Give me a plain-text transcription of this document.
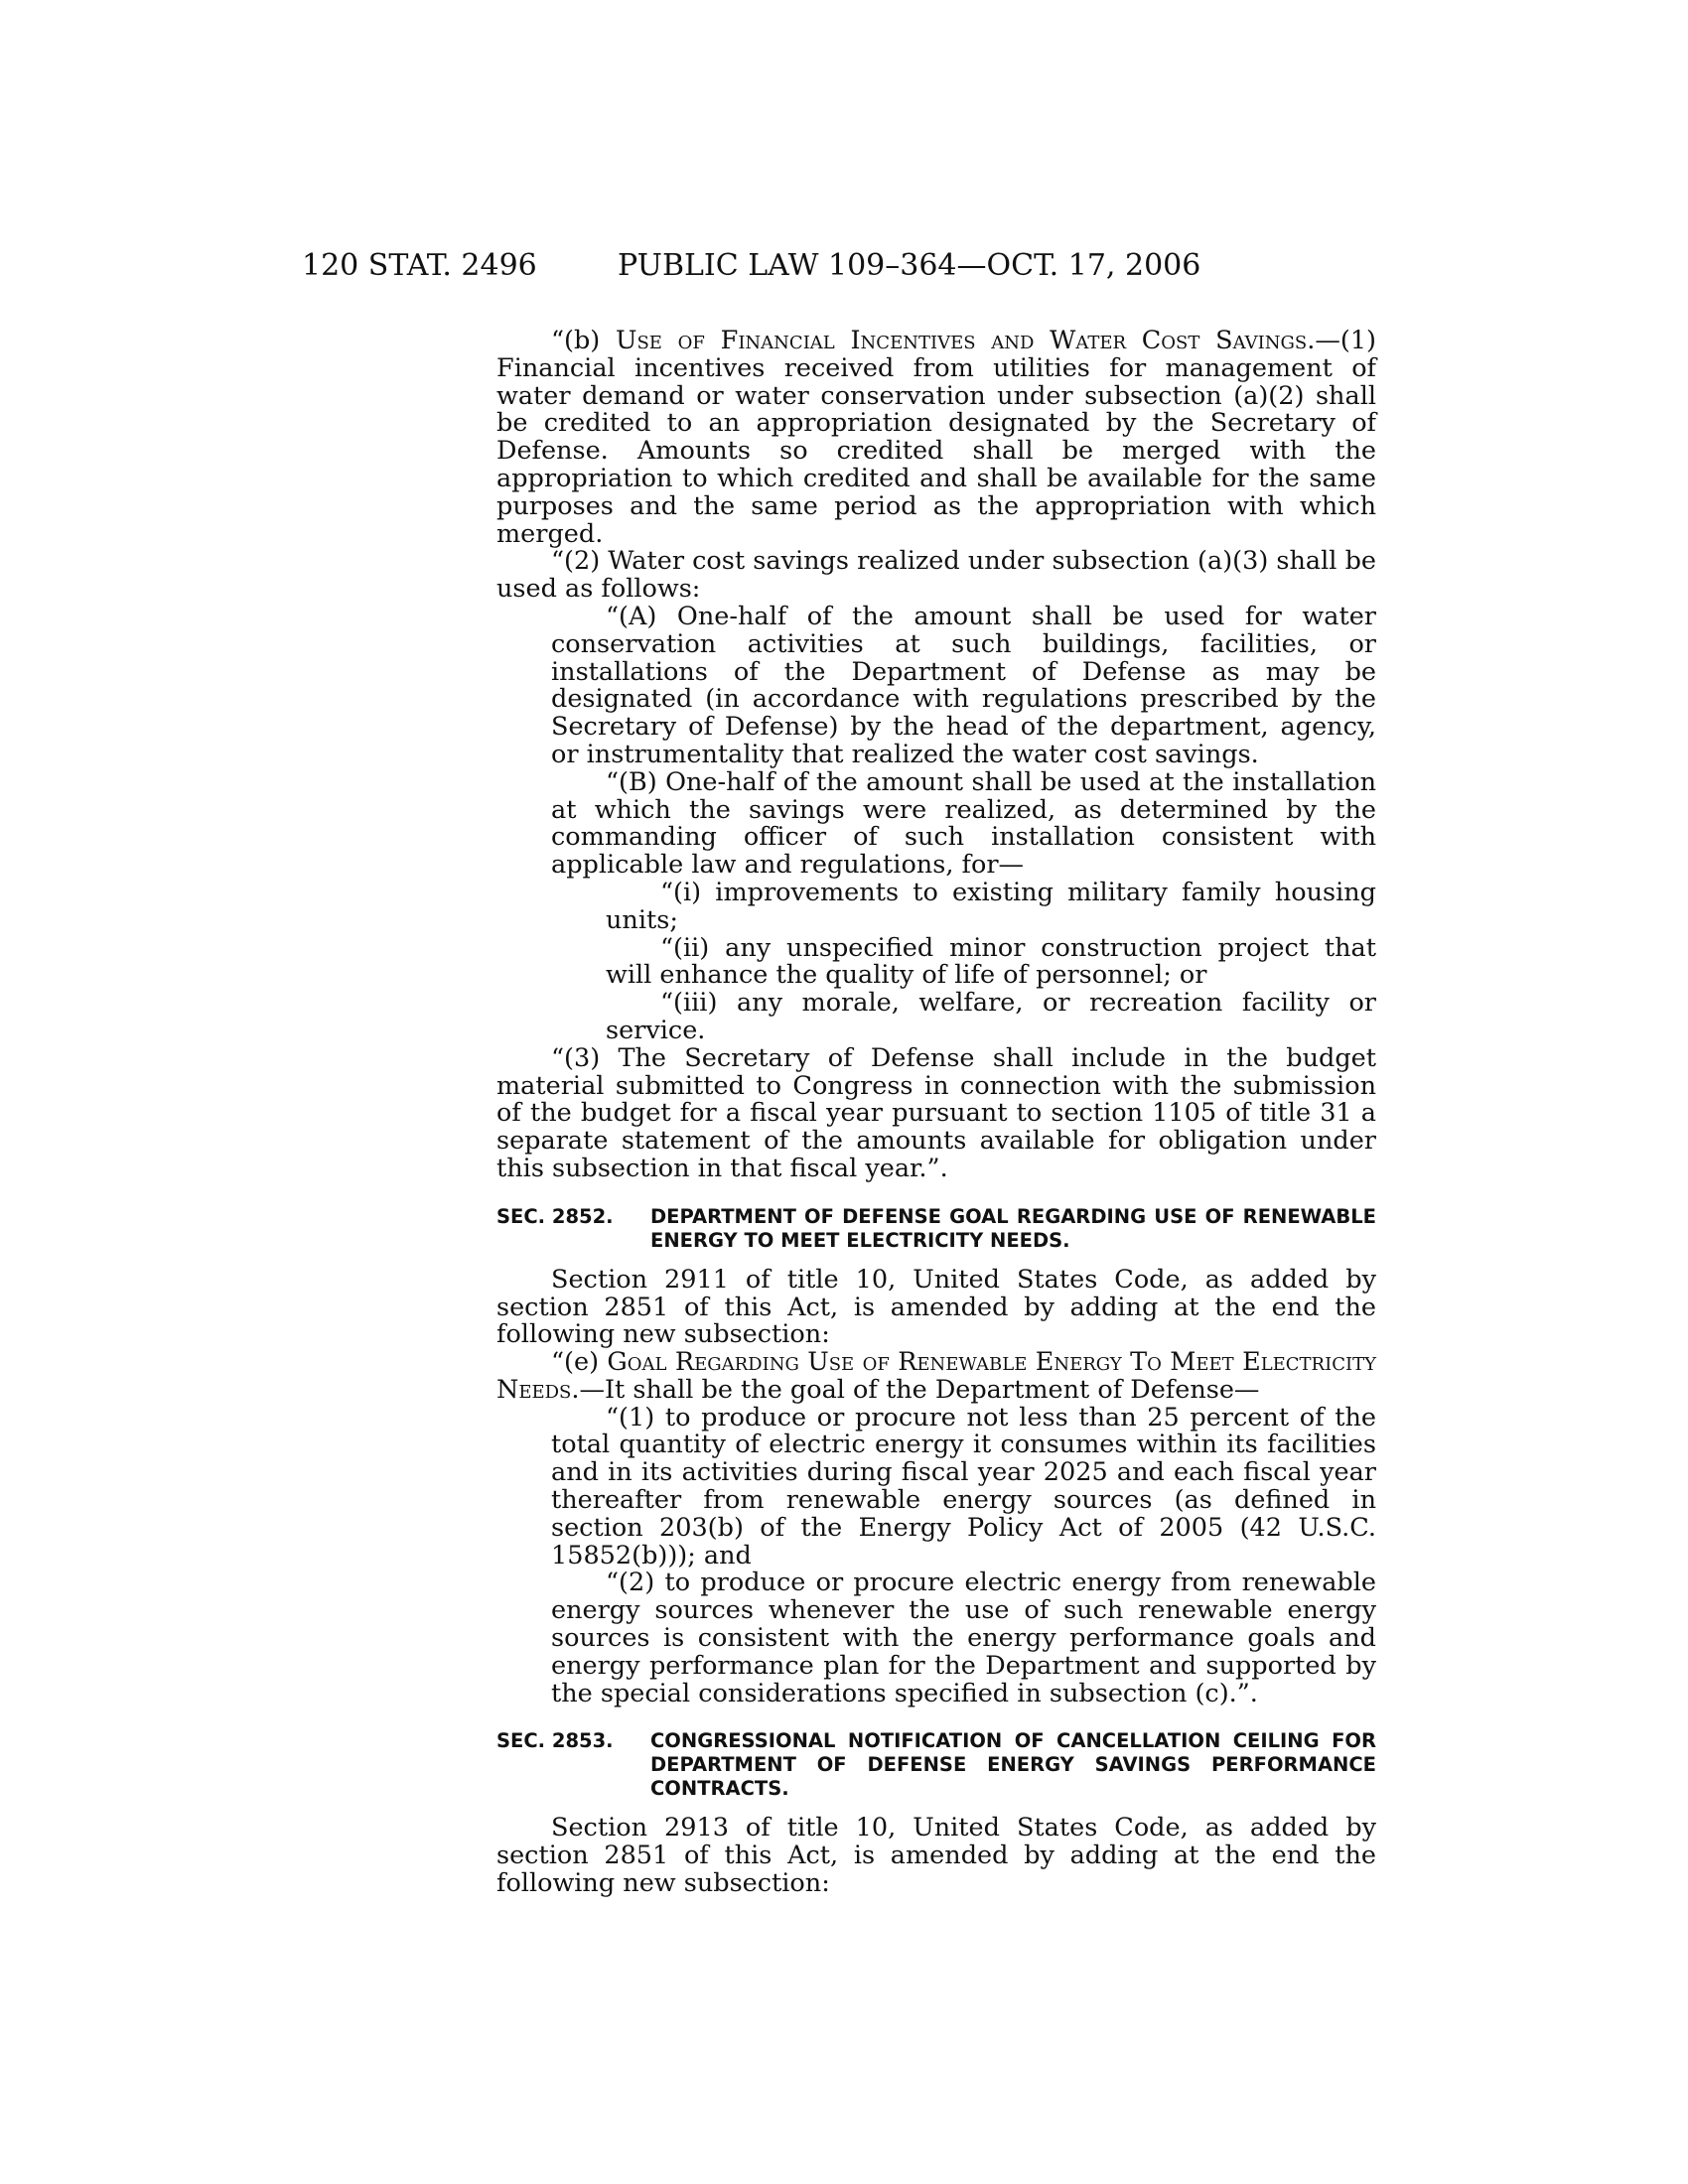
120 STAT. 2496	PUBLIC LAW 109–364—OCT. 17, 2006

“(b) Use of Financial Incentives and Water Cost Savings.—(1) Financial incentives received from utilities for management of water demand or water conservation under subsection (a)(2) shall be credited to an appropriation designated by the Secretary of Defense. Amounts so credited shall be merged with the appropriation to which credited and shall be available for the same purposes and the same period as the appropriation with which merged.

“(2) Water cost savings realized under subsection (a)(3) shall be used as follows:

“(A) One-half of the amount shall be used for water conservation activities at such buildings, facilities, or installations of the Department of Defense as may be designated (in accordance with regulations prescribed by the Secretary of Defense) by the head of the department, agency, or instrumentality that realized the water cost savings.

“(B) One-half of the amount shall be used at the installation at which the savings were realized, as determined by the commanding officer of such installation consistent with applicable law and regulations, for—

“(i) improvements to existing military family housing units;

“(ii) any unspecified minor construction project that will enhance the quality of life of personnel; or

“(iii) any morale, welfare, or recreation facility or service.

“(3) The Secretary of Defense shall include in the budget material submitted to Congress in connection with the submission of the budget for a fiscal year pursuant to section 1105 of title 31 a separate statement of the amounts available for obligation under this subsection in that fiscal year.”.

SEC. 2852.	DEPARTMENT OF DEFENSE GOAL REGARDING USE OF RENEWABLE ENERGY TO MEET ELECTRICITY NEEDS.

Section 2911 of title 10, United States Code, as added by section 2851 of this Act, is amended by adding at the end the following new subsection:

“(e) Goal Regarding Use of Renewable Energy To Meet Electricity Needs.—It shall be the goal of the Department of Defense—

“(1) to produce or procure not less than 25 percent of the total quantity of electric energy it consumes within its facilities and in its activities during fiscal year 2025 and each fiscal year thereafter from renewable energy sources (as defined in section 203(b) of the Energy Policy Act of 2005 (42 U.S.C. 15852(b))); and

“(2) to produce or procure electric energy from renewable energy sources whenever the use of such renewable energy sources is consistent with the energy performance goals and energy performance plan for the Department and supported by the special considerations specified in subsection (c).”.

SEC. 2853.	CONGRESSIONAL NOTIFICATION OF CANCELLATION CEILING FOR DEPARTMENT OF DEFENSE ENERGY SAVINGS PERFORMANCE CONTRACTS.

Section 2913 of title 10, United States Code, as added by section 2851 of this Act, is amended by adding at the end the following new subsection:
